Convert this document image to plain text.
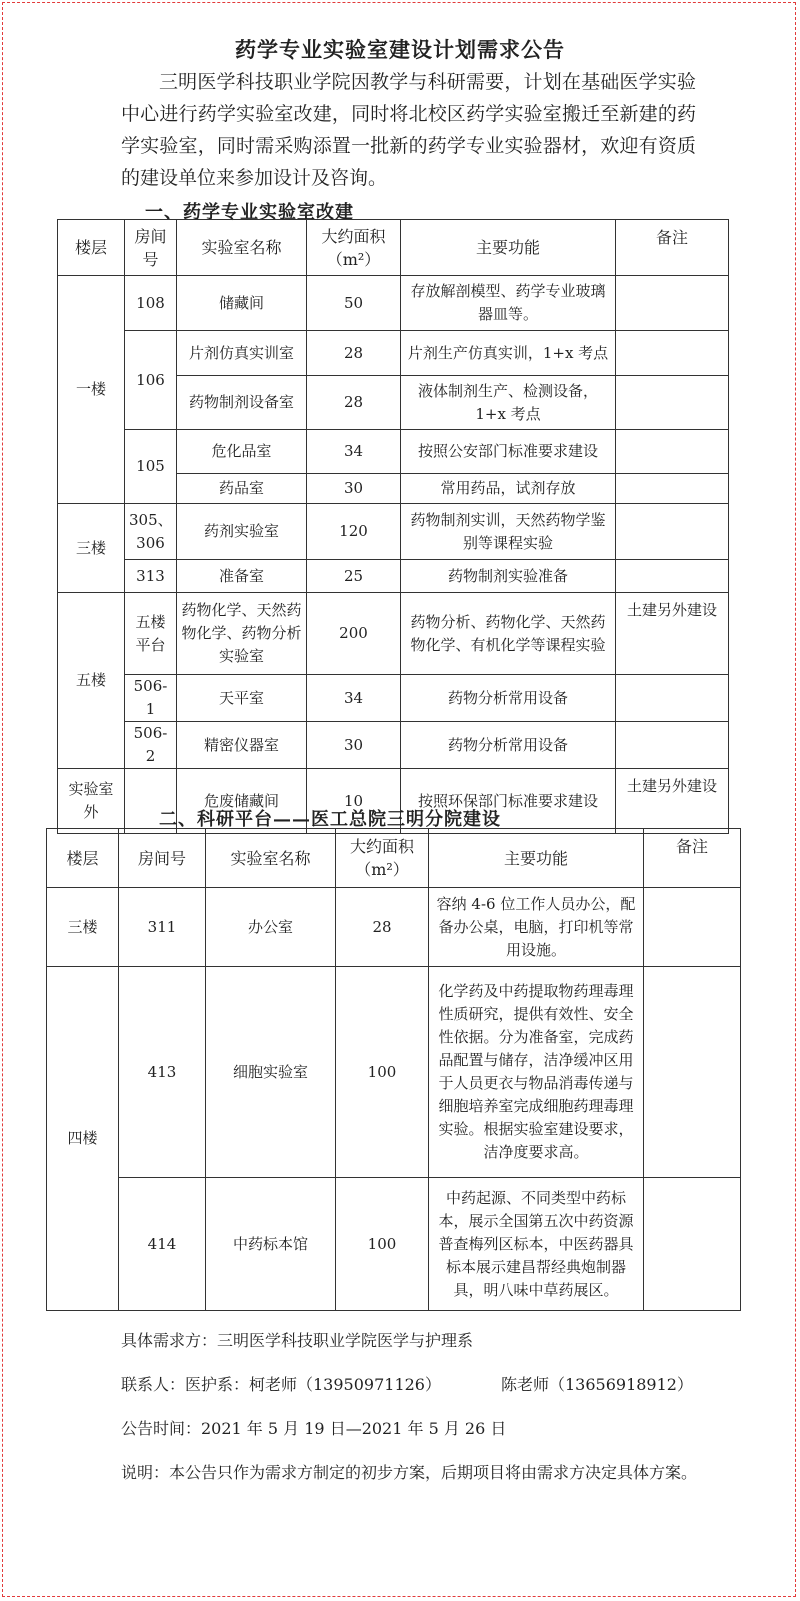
药学专业实验室建设计划需求公告

三明医学科技职业学院因教学与科研需要，计划在基础医学实验中心进行药学实验室改建，同时将北校区药学实验室搬迁至新建的药学实验室，同时需采购添置一批新的药学专业实验器材，欢迎有资质的建设单位来参加设计及咨询。

一、药学专业实验室改建
楼层	房间号	实验室名称	大约面积（m²）	主要功能	备注
一楼	108	储藏间	50	存放解剖模型、药学专业玻璃器皿等。	
	106	片剂仿真实训室	28	片剂生产仿真实训，1+x 考点	
		药物制剂设备室	28	液体制剂生产、检测设备，1+x 考点	
	105	危化品室	34	按照公安部门标准要求建设	
		药品室	30	常用药品，试剂存放	
三楼	305、306	药剂实验室	120	药物制剂实训，天然药物学鉴别等课程实验	
	313	准备室	25	药物制剂实验准备	
五楼	五楼平台	药物化学、天然药物化学、药物分析实验室	200	药物分析、药物化学、天然药物化学、有机化学等课程实验	土建另外建设
	506-1	天平室	34	药物分析常用设备	
	506-2	精密仪器室	30	药物分析常用设备	
实验室外		危废储藏间	10	按照环保部门标准要求建设	土建另外建设
二、科研平台——医工总院三明分院建设
楼层	房间号	实验室名称	大约面积（m²）	主要功能	备注
三楼	311	办公室	28	容纳 4-6 位工作人员办公，配备办公桌，电脑，打印机等常用设施。	
四楼	413	细胞实验室	100	化学药及中药提取物药理毒理性质研究，提供有效性、安全性依据。分为准备室，完成药品配置与储存，洁净缓冲区用于人员更衣与物品消毒传递与细胞培养室完成细胞药理毒理实验。根据实验室建设要求，洁净度要求高。	
	414	中药标本馆	100	中药起源、不同类型中药标本，展示全国第五次中药资源普查梅列区标本，中医药器具标本展示建昌帮经典炮制器具，明八味中草药展区。	
具体需求方：三明医学科技职业学院医学与护理系
联系人：医护系：柯老师（13950971126）	陈老师（13656918912）
公告时间：2021 年 5 月 19 日—2021 年 5 月 26 日
说明：本公告只作为需求方制定的初步方案，后期项目将由需求方决定具体方案。
